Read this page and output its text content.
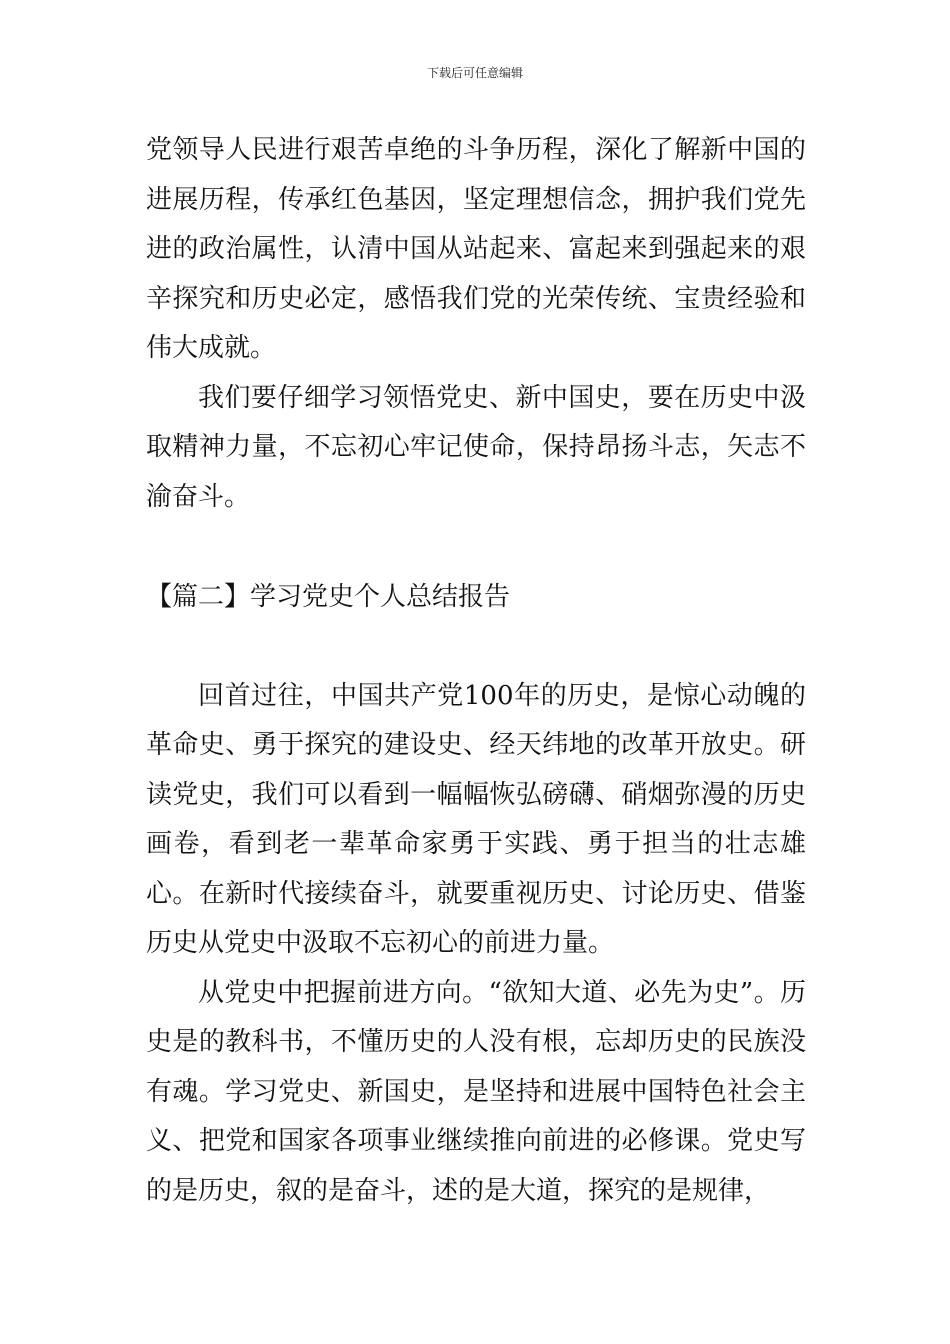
下载后可任意编辑

党领导人民进行艰苦卓绝的斗争历程，深化了解新中国的进展历程，传承红色基因，坚定理想信念，拥护我们党先进的政治属性，认清中国从站起来、富起来到强起来的艰辛探究和历史必定，感悟我们党的光荣传统、宝贵经验和伟大成就。

我们要仔细学习领悟党史、新中国史，要在历史中汲取精神力量，不忘初心牢记使命，保持昂扬斗志，矢志不渝奋斗。

【篇二】学习党史个人总结报告

回首过往，中国共产党100年的历史，是惊心动魄的革命史、勇于探究的建设史、经天纬地的改革开放史。研读党史，我们可以看到一幅幅恢弘磅礴、硝烟弥漫的历史画卷，看到老一辈革命家勇于实践、勇于担当的壮志雄心。在新时代接续奋斗，就要重视历史、讨论历史、借鉴历史从党史中汲取不忘初心的前进力量。

从党史中把握前进方向。“欲知大道、必先为史”。历史是的教科书，不懂历史的人没有根，忘却历史的民族没有魂。学习党史、新国史，是坚持和进展中国特色社会主义、把党和国家各项事业继续推向前进的必修课。党史写的是历史，叙的是奋斗，述的是大道，探究的是规律，
